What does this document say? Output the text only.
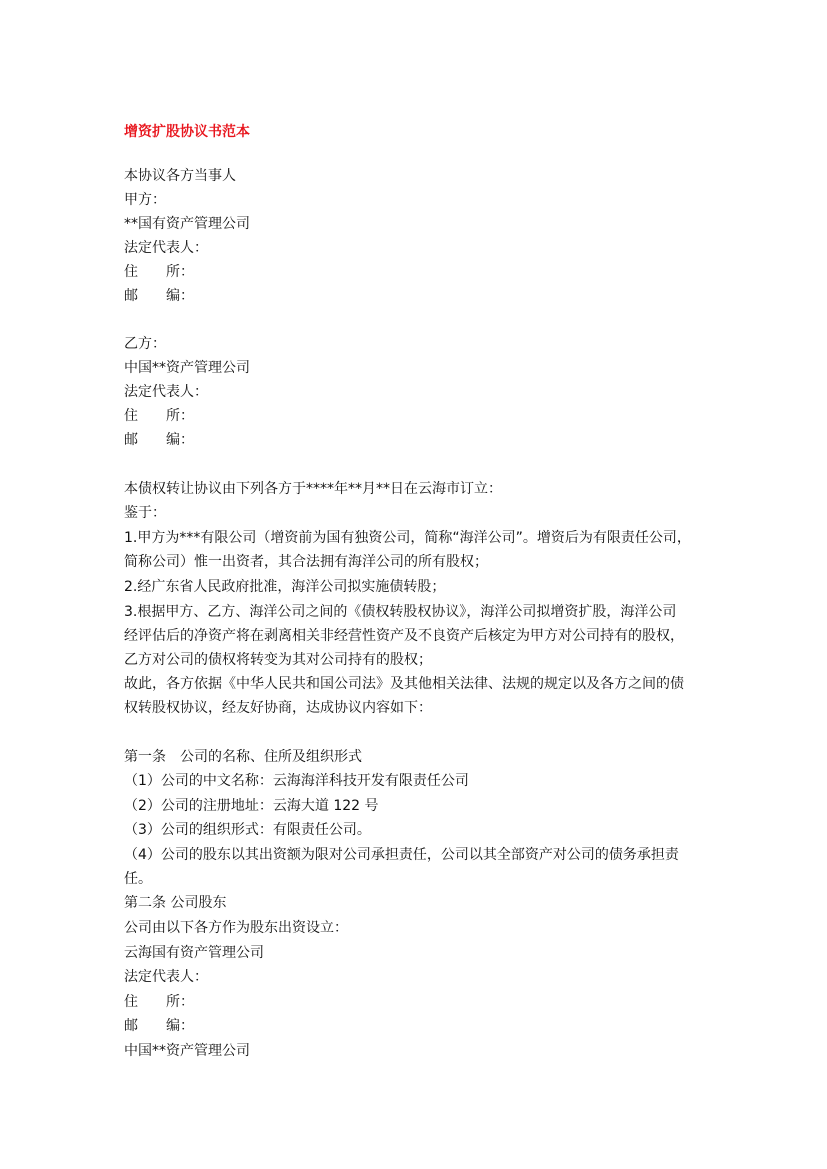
增资扩股协议书范本
本协议各方当事人
甲方：
**国有资产管理公司
法定代表人：
住 所：
邮 编：
乙方：
中国**资产管理公司
法定代表人：
住 所：
邮 编：
本债权转让协议由下列各方于****年**月**日在云海市订立：
鉴于：
1.甲方为***有限公司（增资前为国有独资公司，简称“海洋公司”。增资后为有限责任公司，
简称公司）惟一出资者，其合法拥有海洋公司的所有股权；
2.经广东省人民政府批准，海洋公司拟实施债转股；
3.根据甲方、乙方、海洋公司之间的《债权转股权协议》，海洋公司拟增资扩股，海洋公司
经评估后的净资产将在剥离相关非经营性资产及不良资产后核定为甲方对公司持有的股权，
乙方对公司的债权将转变为其对公司持有的股权；
故此，各方依据《中华人民共和国公司法》及其他相关法律、法规的规定以及各方之间的债
权转股权协议，经友好协商，达成协议内容如下：
第一条　公司的名称、住所及组织形式
（1）公司的中文名称：云海海洋科技开发有限责任公司
（2）公司的注册地址：云海大道 122 号
（3）公司的组织形式：有限责任公司。
（4）公司的股东以其出资额为限对公司承担责任，公司以其全部资产对公司的债务承担责
任。
第二条 公司股东
公司由以下各方作为股东出资设立：
云海国有资产管理公司
法定代表人：
住 所：
邮 编：
中国**资产管理公司
